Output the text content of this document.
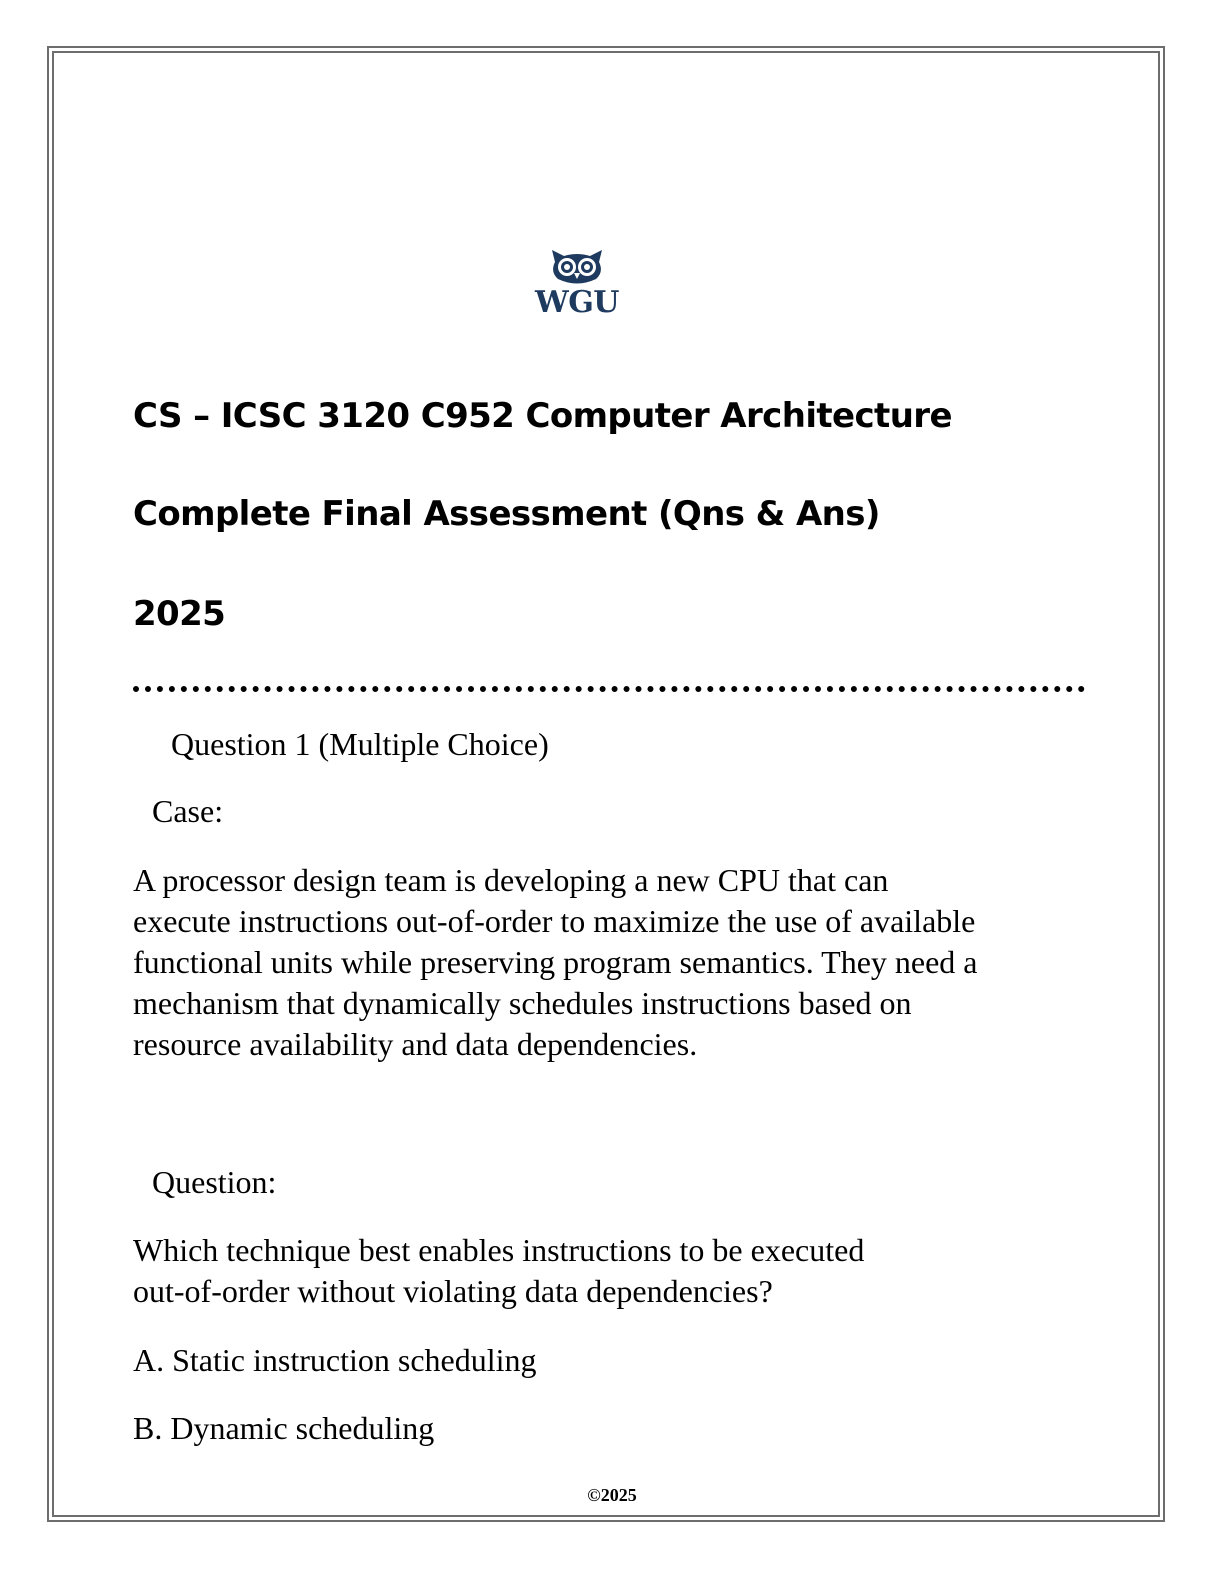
WGU
CS – ICSC 3120 C952 Computer Architecture
Complete Final Assessment (Qns & Ans)
2025
Question 1 (Multiple Choice)
Case:
A processor design team is developing a new CPU that can
execute instructions out-of-order to maximize the use of available
functional units while preserving program semantics. They need a
mechanism that dynamically schedules instructions based on
resource availability and data dependencies.
Question:
Which technique best enables instructions to be executed
out-of-order without violating data dependencies?
A. Static instruction scheduling
B. Dynamic scheduling
©2025
